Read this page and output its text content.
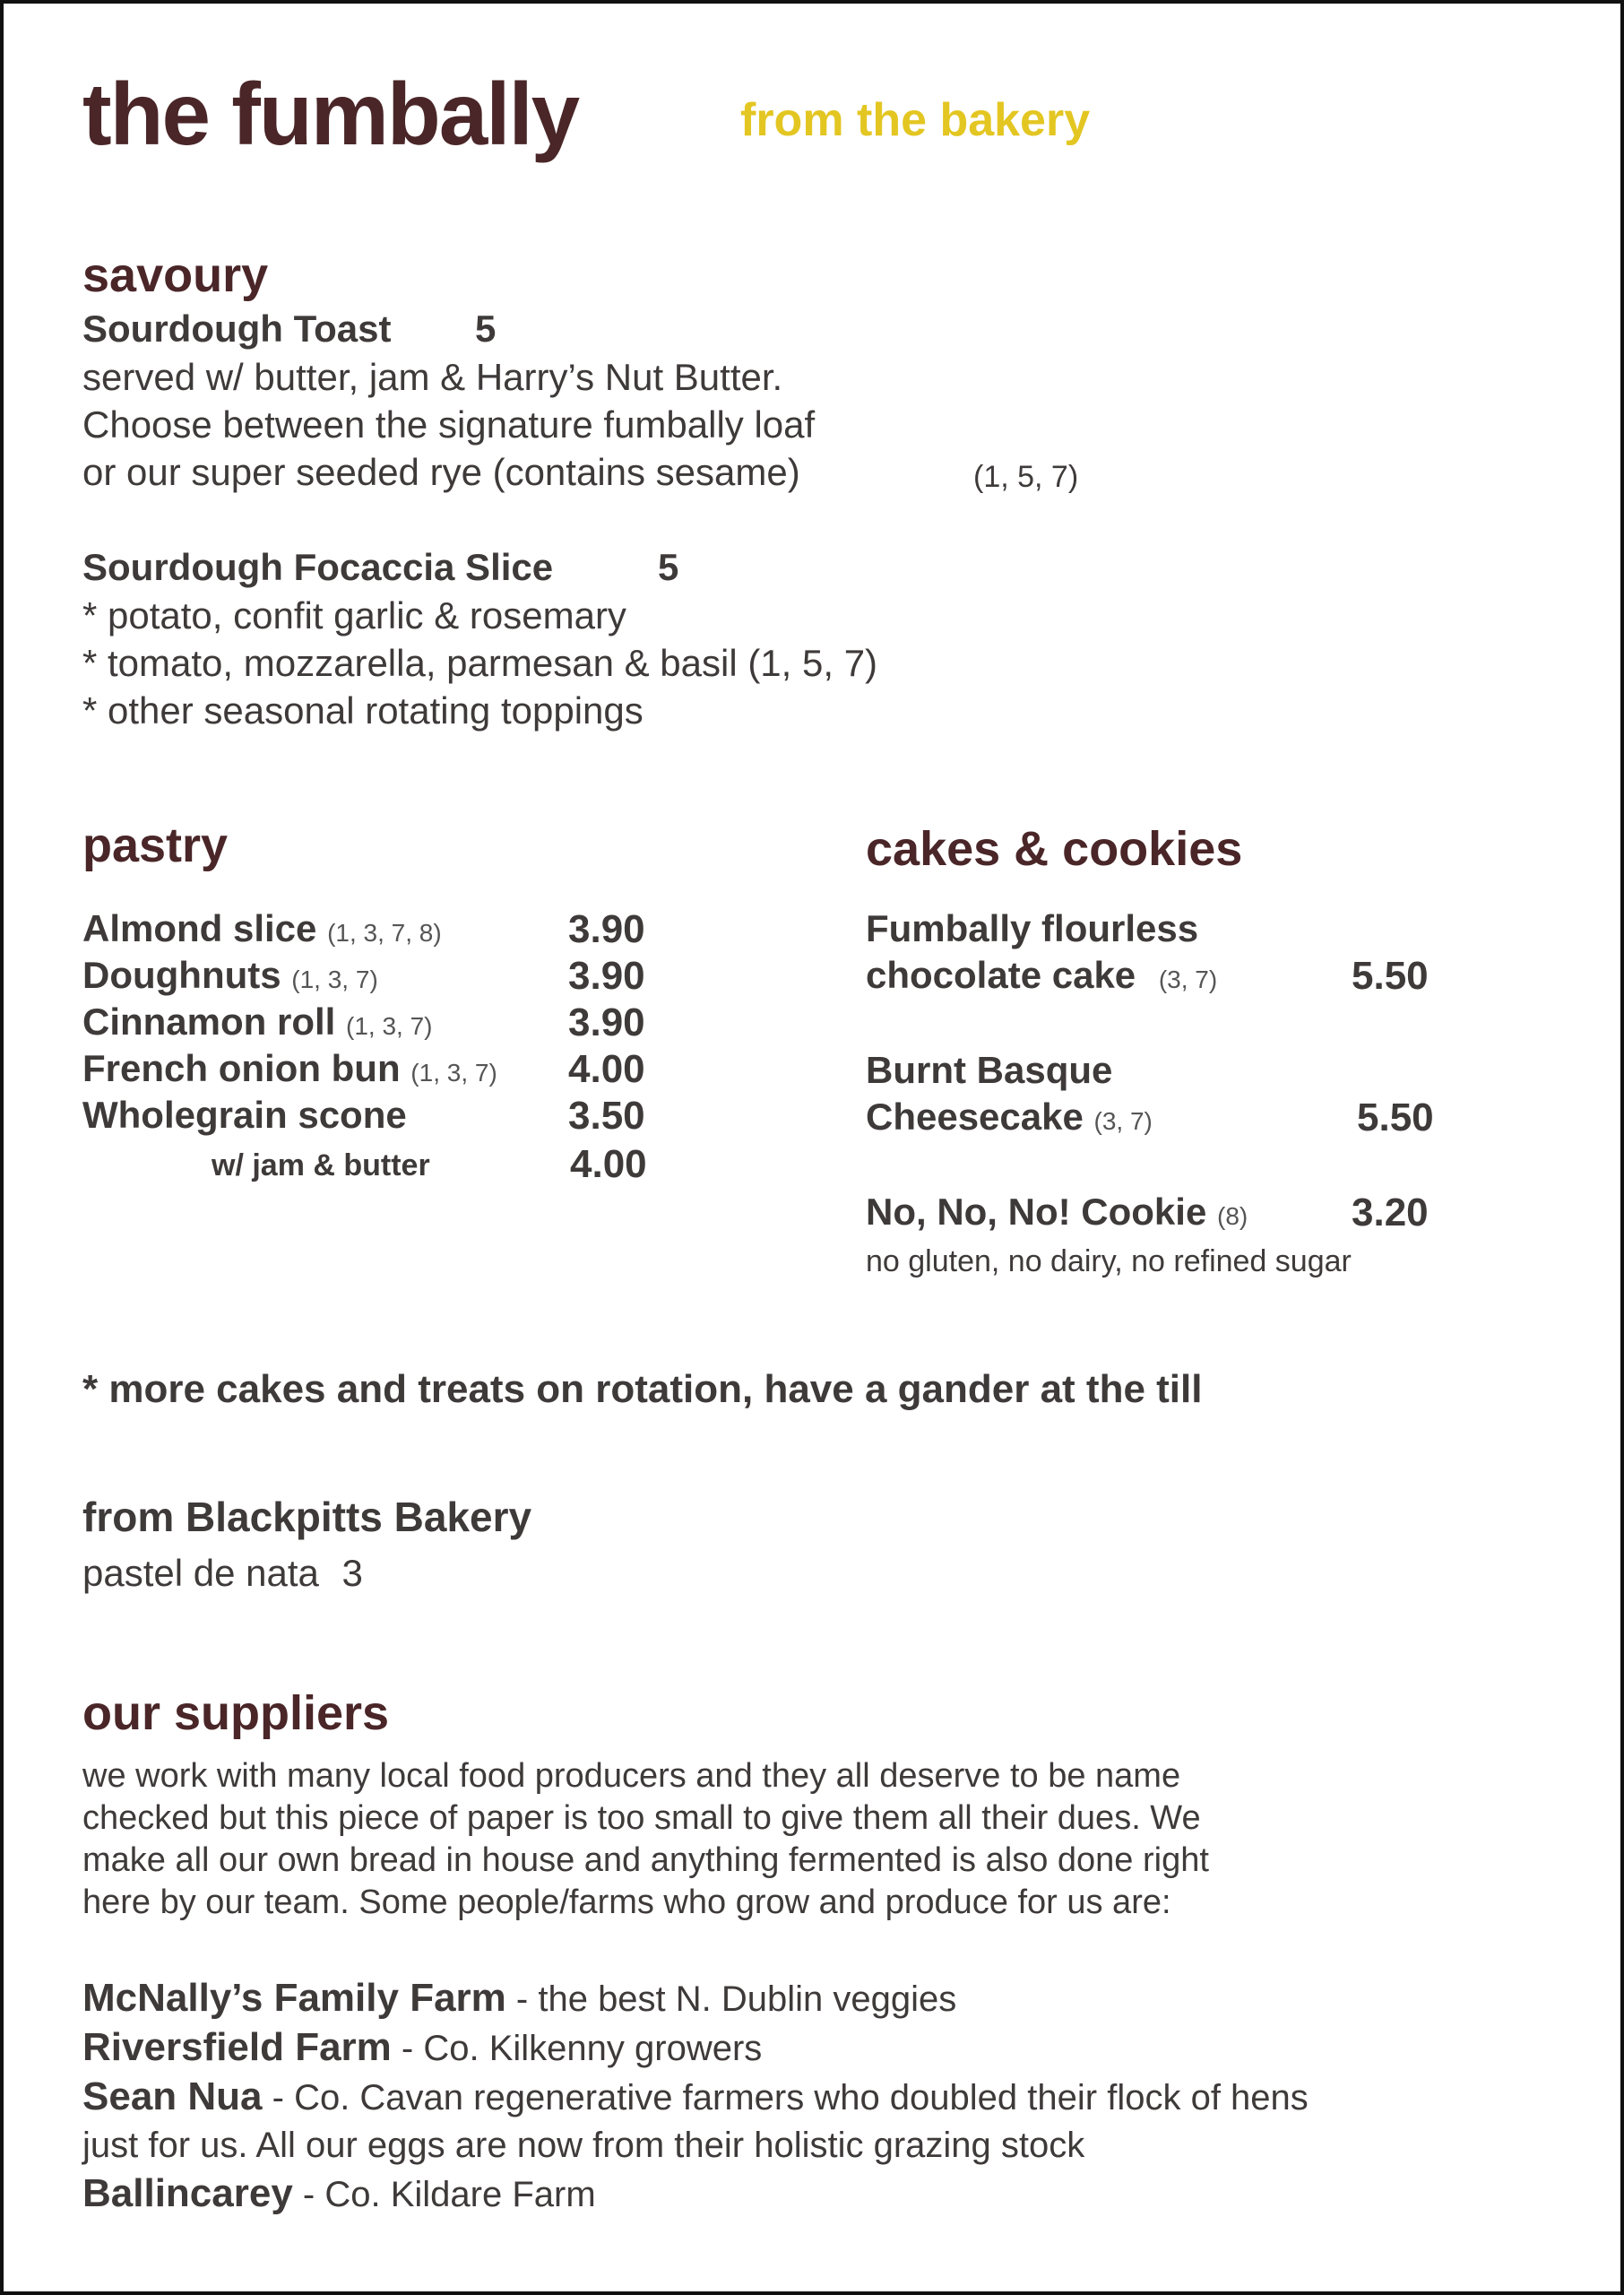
the fumbally	from the bakery
savoury
Sourdough Toast 5
served w/ butter, jam & Harry’s Nut Butter.
Choose between the signature fumbally loaf
or our super seeded rye (contains sesame)	(1, 5, 7)
Sourdough Focaccia Slice	5
* potato, confit garlic & rosemary
* tomato, mozzarella, parmesan & basil (1, 5, 7)
* other seasonal rotating toppings
pastry
Almond slice (1, 3, 7, 8)	3.90
Doughnuts (1, 3, 7)	3.90
Cinnamon roll (1, 3, 7)	3.90
French onion bun (1, 3, 7) 4.00
Wholegrain scone	3.50
w/ jam & butter	4.00
cakes & cookies
Fumbally flourless
chocolate cake (3, 7)	5.50
Burnt Basque
Cheesecake (3, 7)	5.50
No, No, No! Cookie (8)	3.20
no gluten, no dairy, no refined sugar
* more cakes and treats on rotation, have a gander at the till
from Blackpitts Bakery
pastel de nata 3
our suppliers
we work with many local food producers and they all deserve to be name
checked but this piece of paper is too small to give them all their dues. We
make all our own bread in house and anything fermented is also done right
here by our team. Some people/farms who grow and produce for us are:
McNally’s Family Farm - the best N. Dublin veggies
Riversfield Farm - Co. Kilkenny growers
Sean Nua - Co. Cavan regenerative farmers who doubled their flock of hens
just for us. All our eggs are now from their holistic grazing stock
Ballincarey - Co. Kildare Farm
